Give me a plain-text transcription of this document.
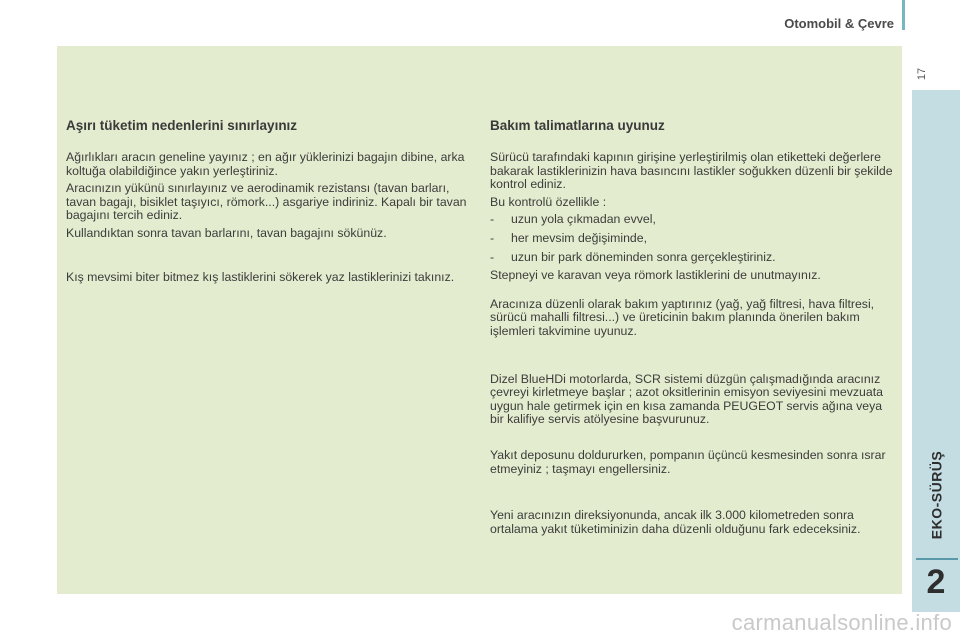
Otomobil & Çevre
17
EKO-SÜRÜŞ
2
Aşırı tüketim nedenlerini sınırlayınız

Ağırlıkları aracın geneline yayınız ; en ağır yüklerinizi bagajın dibine, arka koltuğa olabildiğince yakın yerleştiriniz.

Aracınızın yükünü sınırlayınız ve aerodinamik rezistansı (tavan barları, tavan bagajı, bisiklet taşıyıcı, römork...) asgariye indiriniz. Kapalı bir tavan bagajını tercih ediniz.

Kullandıktan sonra tavan barlarını, tavan bagajını sökünüz.

Kış mevsimi biter bitmez kış lastiklerini sökerek yaz lastiklerinizi takınız.

Bakım talimatlarına uyunuz

Sürücü tarafındaki kapının girişine yerleştirilmiş olan etiketteki değerlere bakarak lastiklerinizin hava basıncını lastikler soğukken düzenli bir şekilde kontrol ediniz.

Bu kontrolü özellikle :

-	uzun yola çıkmadan evvel,
-	her mevsim değişiminde,
-	uzun bir park döneminden sonra gerçekleştiriniz.

Stepneyi ve karavan veya römork lastiklerini de unutmayınız.

Aracınıza düzenli olarak bakım yaptırınız (yağ, yağ filtresi, hava filtresi, sürücü mahalli filtresi...) ve üreticinin bakım planında önerilen bakım işlemleri takvimine uyunuz.

Dizel BlueHDi motorlarda, SCR sistemi düzgün çalışmadığında aracınız çevreyi kirletmeye başlar ; azot oksitlerinin emisyon seviyesini mevzuata uygun hale getirmek için en kısa zamanda PEUGEOT servis ağına veya bir kalifiye servis atölyesine başvurunuz.

Yakıt deposunu doldururken, pompanın üçüncü kesmesinden sonra ısrar etmeyiniz ; taşmayı engellersiniz.

Yeni aracınızın direksiyonunda, ancak ilk 3.000 kilometreden sonra ortalama yakıt tüketiminizin daha düzenli olduğunu fark edeceksiniz.

carmanualsonline.info
